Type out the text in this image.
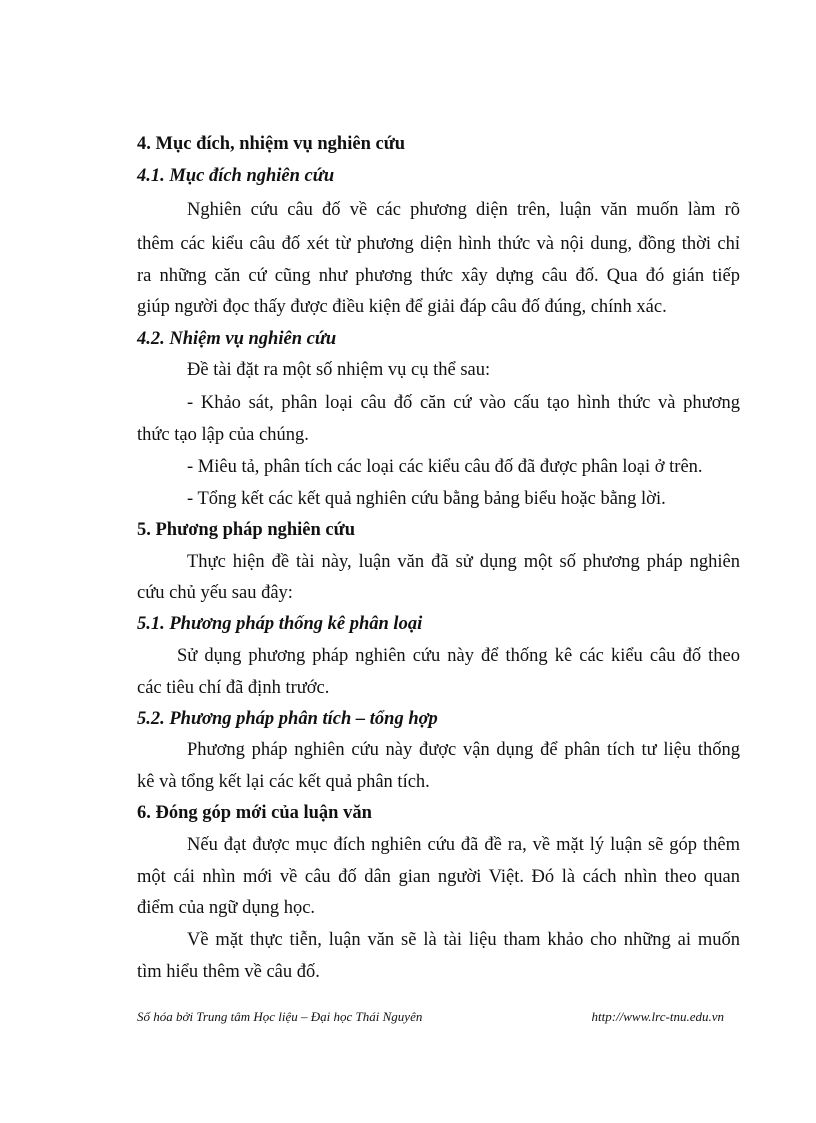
4. Mục đích, nhiệm vụ nghiên cứu
4.1. Mục đích nghiên cứu
Nghiên cứu câu đố về các phương diện trên, luận văn muốn làm rõ
thêm các kiểu câu đố xét từ phương diện hình thức và nội dung, đồng thời chỉ
ra những căn cứ cũng như phương thức xây dựng câu đố. Qua đó gián tiếp
giúp người đọc thấy được điều kiện để giải đáp câu đố đúng, chính xác.
4.2. Nhiệm vụ nghiên cứu
Đề tài đặt ra một số nhiệm vụ cụ thể sau:
- Khảo sát, phân loại câu đố căn cứ vào cấu tạo hình thức và phương
thức tạo lập của chúng.
- Miêu tả, phân tích các loại các kiểu câu đố đã được phân loại ở trên.
- Tổng kết các kết quả nghiên cứu bằng bảng biểu hoặc bằng lời.
5. Phương pháp nghiên cứu
Thực hiện đề tài này, luận văn đã sử dụng một số phương pháp nghiên
cứu chủ yếu sau đây:
5.1. Phương pháp thống kê phân loại
Sử dụng phương pháp nghiên cứu này để thống kê các kiểu câu đố theo
các tiêu chí đã định trước.
5.2. Phương pháp phân tích – tổng hợp
Phương pháp nghiên cứu này được vận dụng để phân tích tư liệu thống
kê và tổng kết lại các kết quả phân tích.
6. Đóng góp mới của luận văn
Nếu đạt được mục đích nghiên cứu đã đề ra, về mặt lý luận sẽ góp thêm
một cái nhìn mới về câu đố dân gian người Việt. Đó là cách nhìn theo quan
điểm của ngữ dụng học.
Về mặt thực tiễn, luận văn sẽ là tài liệu tham khảo cho những ai muốn
tìm hiểu thêm về câu đố.
Số hóa bởi Trung tâm Học liệu – Đại học Thái Nguyên	http://www.lrc-tnu.edu.vn
